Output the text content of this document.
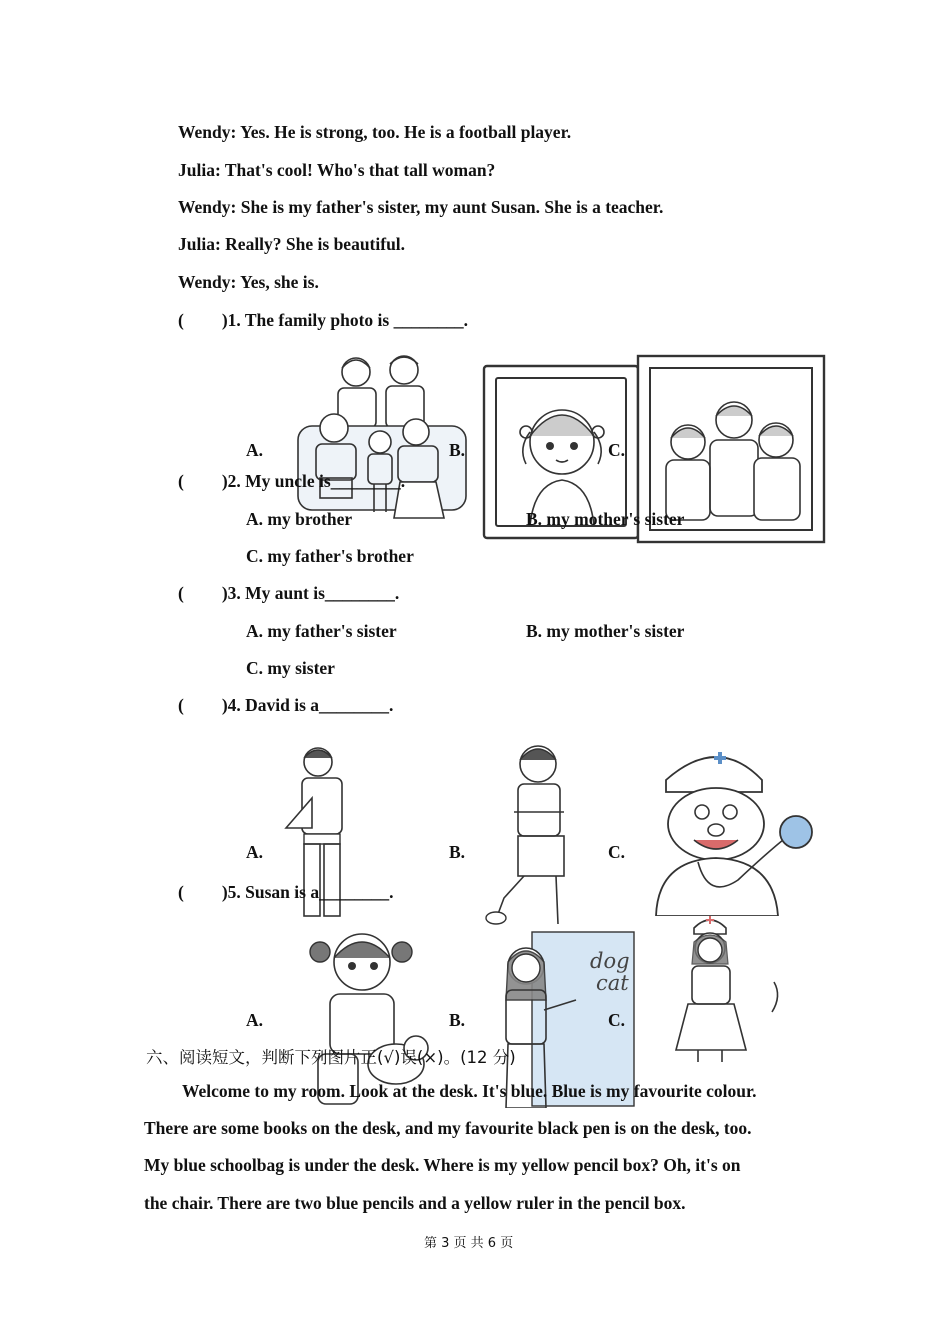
Wendy: Yes. He is strong, too. He is a football player.
Julia: That's cool! Who's that tall woman?
Wendy: She is my father's sister, my aunt Susan. She is a teacher.
Julia: Really? She is beautiful.
Wendy: Yes, she is.
( )1. The family photo is ________.
A.	B.	C.
( )2. My uncle is________.
A. my brother	B. my mother's sister
C. my father's brother
( )3. My aunt is________.
A. my father's sister	B. my mother's sister
C. my sister
( )4. David is a________.
A.	B.	C.
( )5. Susan is a________.
dog
cat
A.	B.	C.
六、阅读短文，判断下列图片正(√)误(×)。(12 分)
Welcome to my room. Look at the desk. It's blue. Blue is my favourite colour.
There are some books on the desk, and my favourite black pen is on the desk, too.
My blue schoolbag is under the desk. Where is my yellow pencil box? Oh, it's on
the chair. There are two blue pencils and a yellow ruler in the pencil box.
第 3 页 共 6 页
